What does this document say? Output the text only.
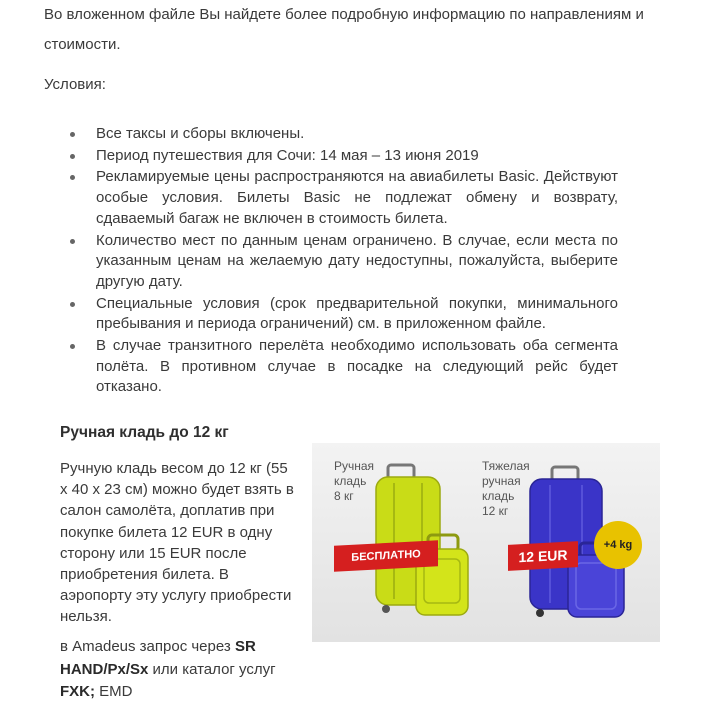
Во вложенном файле Вы найдете более подробную информацию по направлениям и стоимости.
Условия:
Все таксы и сборы включены.
Период путешествия для Сочи: 14 мая – 13 июня 2019
Рекламируемые цены распространяются на авиабилеты Basic. Действуют особые условия. Билеты Basic не подлежат обмену и возврату, сдаваемый багаж не включен в стоимость билета.
Количество мест по данным ценам ограничено. В случае, если места по указанным ценам на желаемую дату недоступны, пожалуйста, выберите другую дату.
Специальные условия (срок предварительной покупки, минимального пребывания и периода ограничений) см. в приложенном файле.
В случае транзитного перелёта необходимо использовать оба сегмента полёта. В противном случае в посадке на следующий рейс будет отказано.
Ручная кладь до 12 кг
Ручную кладь весом до 12 кг (55 x 40 x 23 см) можно будет взять в салон самолёта, доплатив при покупке билета 12 EUR в одну сторону или 15 EUR после приобретения билета. В аэропорту эту услугу приобрести нельзя.
в Amadeus запрос через SR HAND/Px/Sx или каталог услуг FXK; EMD
Ручная
кладь
8 кг
БЕСПЛАТНО
Тяжелая
ручная
кладь
12 кг
12 EUR
+4 kg
